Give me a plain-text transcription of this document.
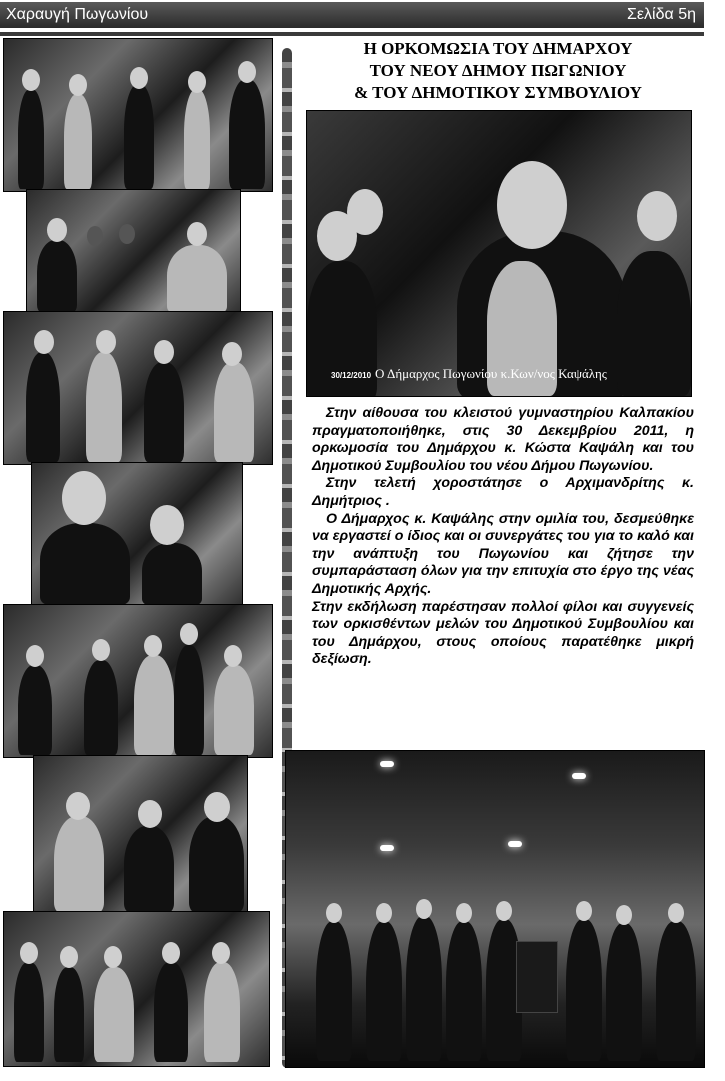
Χαραυγή Πωγωνίου	Σελίδα 5η
Η ΟΡΚΟΜΩΣΙΑ ΤΟΥ ΔΗΜΑΡΧΟΥ
ΤΟΥ ΝΕΟΥ ΔΗΜΟΥ ΠΩΓΩΝΙΟΥ
& ΤΟΥ ΔΗΜΟΤΙΚΟΥ ΣΥΜΒΟΥΛΙΟΥ
30/12/2010 Ο Δήμαρχος Πωγωνίου κ.Κων/νος Καψάλης

Στην αίθουσα του κλειστού γυμναστηρίου Καλπακίου πραγματοποιήθηκε, στις 30 Δεκεμβρίου 2011, η ορκωμοσία του Δημάρχου κ. Κώστα Καψάλη και του Δημοτικού Συμβουλίου του νέου Δήμου Πωγωνίου.

Στην τελετή χοροστάτησε ο Αρχιμανδρίτης κ. Δημήτριος .

Ο Δήμαρχος κ. Καψάλης στην ομιλία του, δεσμεύθηκε να εργαστεί ο ίδιος και οι συνεργάτες του για το καλό και την ανάπτυξη του Πωγωνίου και ζήτησε την συμπαράσταση όλων για την επιτυχία στο έργο της νέας Δημοτικής Αρχής.

Στην εκδήλωση παρέστησαν πολλοί φίλοι και συγγενείς των ορκισθέντων μελών του Δημοτικού Συμβουλίου και του Δημάρχου, στους οποίους παρατέθηκε μικρή δεξίωση.
